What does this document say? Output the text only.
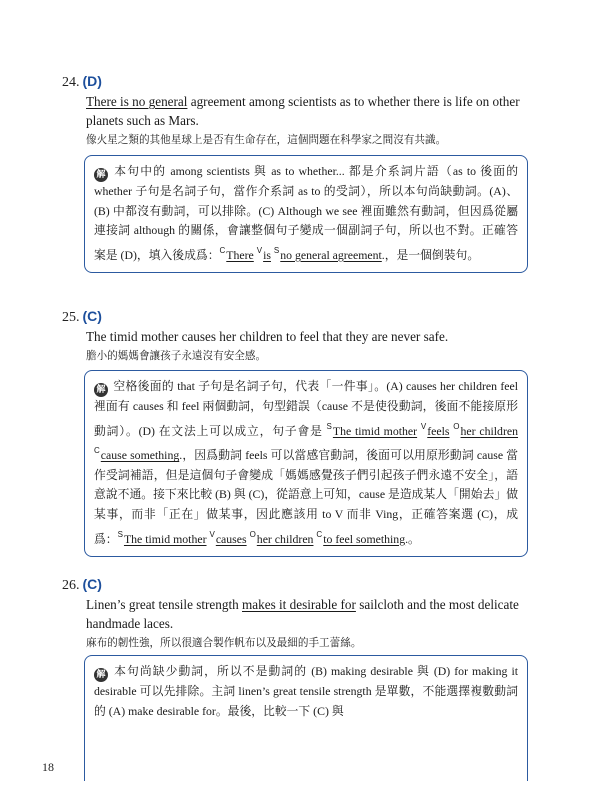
24. (D)
There is no general agreement among scientists as to whether there is life on other planets such as Mars.
像火星之類的其他星球上是否有生命存在，這個問題在科學家之間沒有共識。
解 本句中的 among scientists 與 as to whether... 都是介系詞片語（as to 後面的 whether 子句是名詞子句，當作介系詞 as to 的受詞），所以本句尚缺動詞。(A)、(B) 中都沒有動詞，可以排除。(C) Although we see 裡面雖然有動詞，但因爲從屬連接詞 although 的關係，會讓整個句子變成一個副詞子句，所以也不對。正確答案是 (D)，填入後成爲：$^C$There $^V$is $^S$no general agreement.，是一個倒裝句。
25. (C)
The timid mother causes her children to feel that they are never safe.
膽小的媽媽會讓孩子永遠沒有安全感。
解 空格後面的 that 子句是名詞子句，代表「一件事」。(A) causes her children feel 裡面有 causes 和 feel 兩個動詞，句型錯誤（cause 不是使役動詞，後面不能接原形動詞）。(D) 在文法上可以成立，句子會是 $^S$The timid mother $^V$feels $^O$her children $^C$cause something.，因爲動詞 feels 可以當感官動詞，後面可以用原形動詞 cause 當作受詞補語，但是這個句子會變成「媽媽感覺孩子們引起孩子們永遠不安全」，語意說不通。接下來比較 (B) 與 (C)，從語意上可知，cause 是造成某人「開始去」做某事，而非「正在」做某事，因此應該用 to V 而非 Ving，正確答案選 (C)，成爲：$^S$The timid mother $^V$causes $^O$her children $^C$to feel something.。
26. (C)
Linen’s great tensile strength makes it desirable for sailcloth and the most delicate handmade laces.
麻布的韌性強，所以很適合製作帆布以及最細的手工蕾絲。
解 本句尚缺少動詞，所以不是動詞的 (B) making desirable 與 (D) for making it desirable 可以先排除。主詞 linen’s great tensile strength 是單數，不能選擇複數動詞的 (A) make desirable for。最後，比較一下 (C) 與
18
